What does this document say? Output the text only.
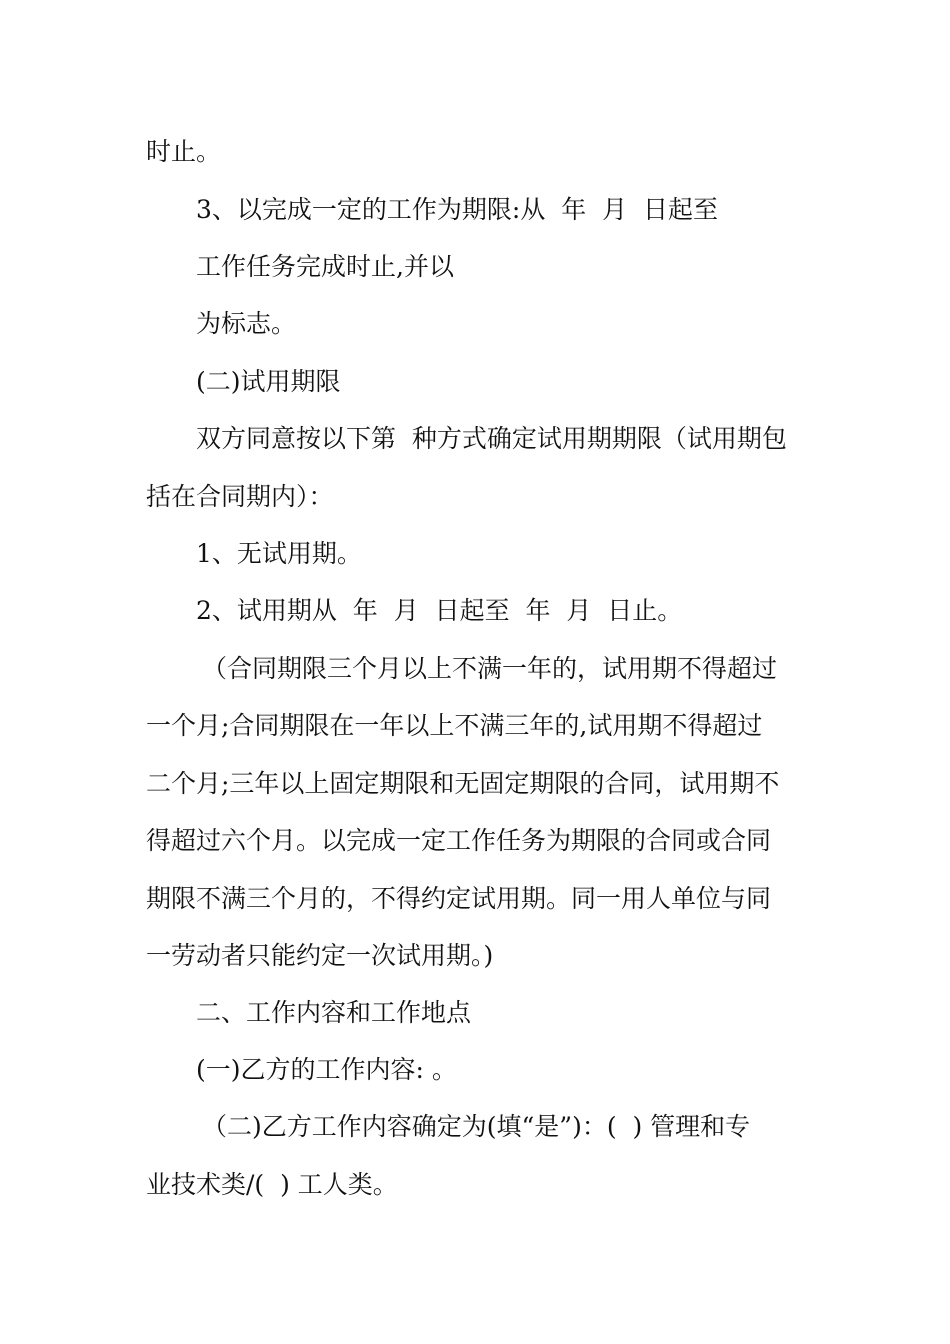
时止。
3、以完成一定的工作为期限:从  年  月  日起至
工作任务完成时止,并以
为标志。
(二)试用期限
双方同意按以下第  种方式确定试用期期限（试用期包
括在合同期内）：
1、无试用期。
2、试用期从  年  月  日起至  年  月  日止。
（合同期限三个月以上不满一年的，试用期不得超过
一个月;合同期限在一年以上不满三年的,试用期不得超过
二个月;三年以上固定期限和无固定期限的合同，试用期不
得超过六个月。以完成一定工作任务为期限的合同或合同
期限不满三个月的，不得约定试用期。同一用人单位与同
一劳动者只能约定一次试用期。)
二、工作内容和工作地点
(一)乙方的工作内容: 。
（二)乙方工作内容确定为(填“是”)：(  ) 管理和专
业技术类/(  ) 工人类。
